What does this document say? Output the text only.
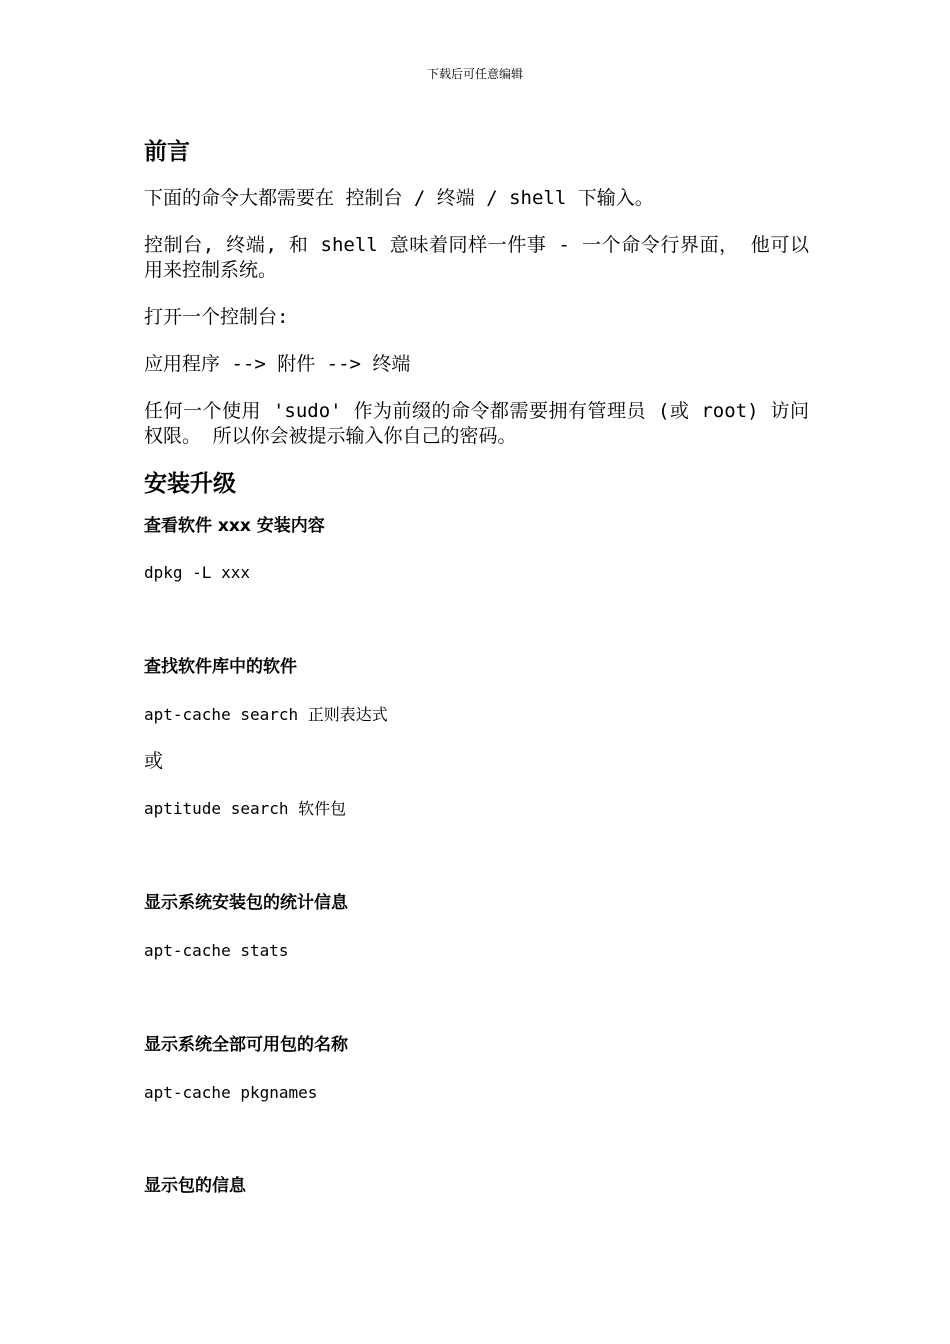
下载后可任意编辑
前言
下面的命令大都需要在 控制台 / 终端 / shell 下输入。
控制台, 终端, 和 shell 意味着同样一件事 - 一个命令行界面， 他可以用来控制系统。
打开一个控制台:
应用程序 --> 附件 --> 终端
任何一个使用 'sudo' 作为前缀的命令都需要拥有管理员 (或 root) 访问权限。 所以你会被提示输入你自己的密码。
安装升级
查看软件 xxx 安装内容
dpkg -L xxx
查找软件库中的软件
apt-cache search 正则表达式
或
aptitude search 软件包
显示系统安装包的统计信息
apt-cache stats
显示系统全部可用包的名称
apt-cache pkgnames
显示包的信息
